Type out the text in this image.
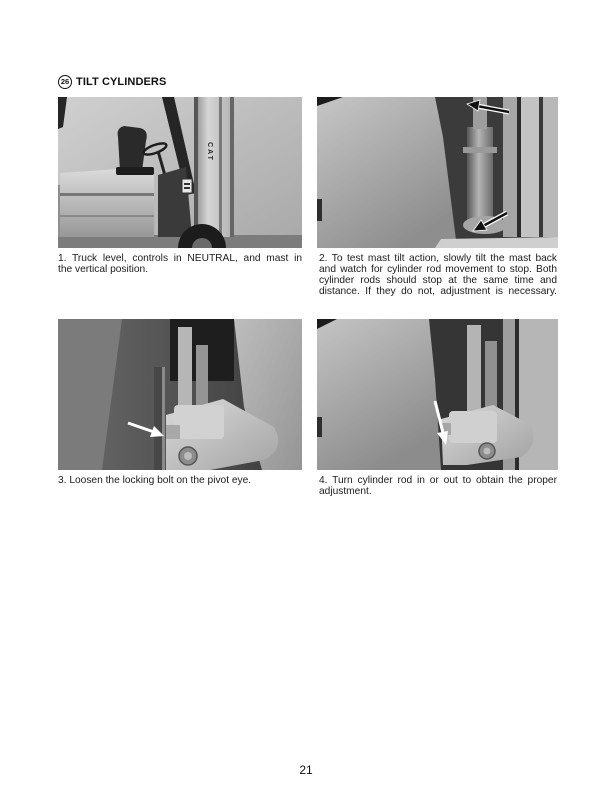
26 TILT CYLINDERS
CAT
1. Truck level, controls in NEUTRAL, and mast in
the vertical position.
2. To test mast tilt action, slowly tilt the mast back
and watch for cylinder rod movement to stop. Both
cylinder rods should stop at the same time and
distance. If they do not, adjustment is necessary.
3. Loosen the locking bolt on the pivot eye.	4. Turn cylinder rod in or out to obtain the proper
adjustment.
21
